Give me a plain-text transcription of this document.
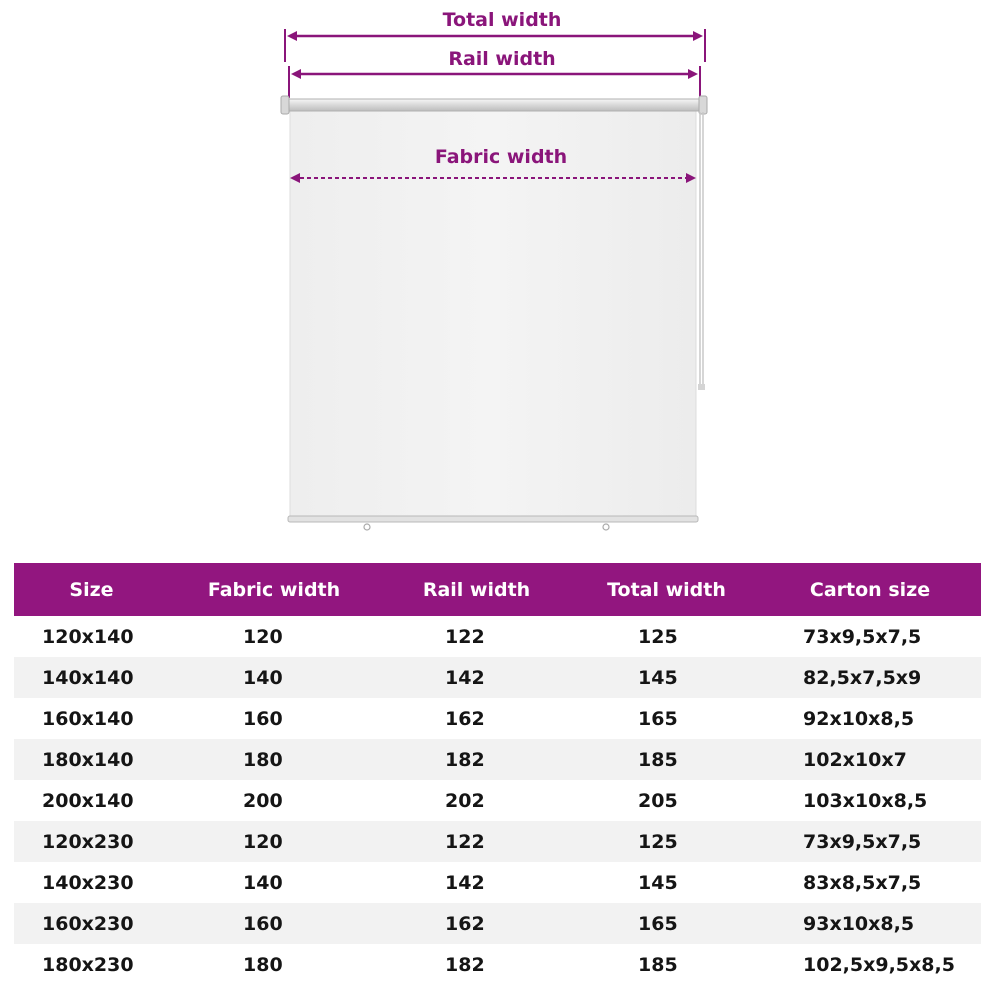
Total width
Rail width
Fabric width
Size	Fabric width	Rail width	Total width	Carton size
120x140	120	122	125	73x9,5x7,5
140x140	140	142	145	82,5x7,5x9
160x140	160	162	165	92x10x8,5
180x140	180	182	185	102x10x7
200x140	200	202	205	103x10x8,5
120x230	120	122	125	73x9,5x7,5
140x230	140	142	145	83x8,5x7,5
160x230	160	162	165	93x10x8,5
180x230	180	182	185	102,5x9,5x8,5
